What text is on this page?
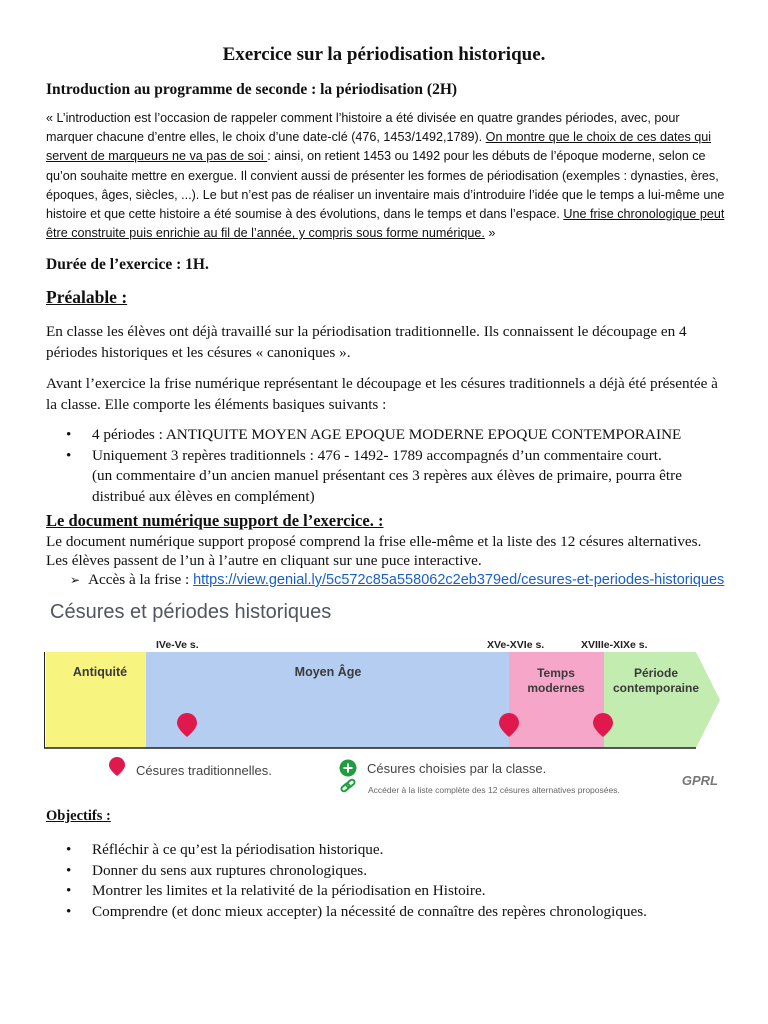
Exercice sur la périodisation historique.
Introduction au programme de seconde : la périodisation (2H)
« L’introduction est l’occasion de rappeler comment l’histoire a été divisée en quatre grandes périodes, avec, pour marquer chacune d’entre elles, le choix d’une date-clé (476, 1453/1492,1789). On montre que le choix de ces dates qui servent de marqueurs ne va pas de soi : ainsi, on retient 1453 ou 1492 pour les débuts de l’époque moderne, selon ce qu’on souhaite mettre en exergue. Il convient aussi de présenter les formes de périodisation (exemples : dynasties, ères, époques, âges, siècles, ...). Le but n’est pas de réaliser un inventaire mais d’introduire l’idée que le temps a lui-même une histoire et que cette histoire a été soumise à des évolutions, dans le temps et dans l’espace. Une frise chronologique peut être construite puis enrichie au fil de l’année, y compris sous forme numérique. »
Durée de l’exercice : 1H.
Préalable :
En classe les élèves ont déjà travaillé sur la périodisation traditionnelle. Ils connaissent le découpage en 4 périodes historiques et les césures « canoniques ».
Avant l’exercice la frise numérique représentant le découpage et les césures traditionnels a déjà été présentée à la classe. Elle comporte les éléments basiques suivants :
• 4 périodes : ANTIQUITE MOYEN AGE EPOQUE MODERNE EPOQUE CONTEMPORAINE
• Uniquement 3 repères traditionnels : 476 - 1492- 1789 accompagnés d’un commentaire court.
(un commentaire d’un ancien manuel présentant ces 3 repères aux élèves de primaire, pourra être distribué aux élèves en complément)
Le document numérique support de l’exercice. :
Le document numérique support proposé comprend la frise elle-même et la liste des 12 césures alternatives. Les élèves passent de l’un à l’autre en cliquant sur une puce interactive.
➢ Accès à la frise : https://view.genial.ly/5c572c85a558062c2eb379ed/cesures-et-periodes-historiques
Césures et périodes historiques
IVe-Ve s.	XVe-XVIe s.	XVIIIe-XIXe s.
Antiquité	Moyen Âge	Temps
modernes
Période
contemporaine
Césures traditionnelles.	Césures choisies par la classe.
Accéder à la liste complète des 12 césures alternatives proposées.
GPRL
Objectifs :
• Réfléchir à ce qu’est la périodisation historique.
• Donner du sens aux ruptures chronologiques.
• Montrer les limites et la relativité de la périodisation en Histoire.
• Comprendre (et donc mieux accepter) la nécessité de connaître des repères chronologiques.
